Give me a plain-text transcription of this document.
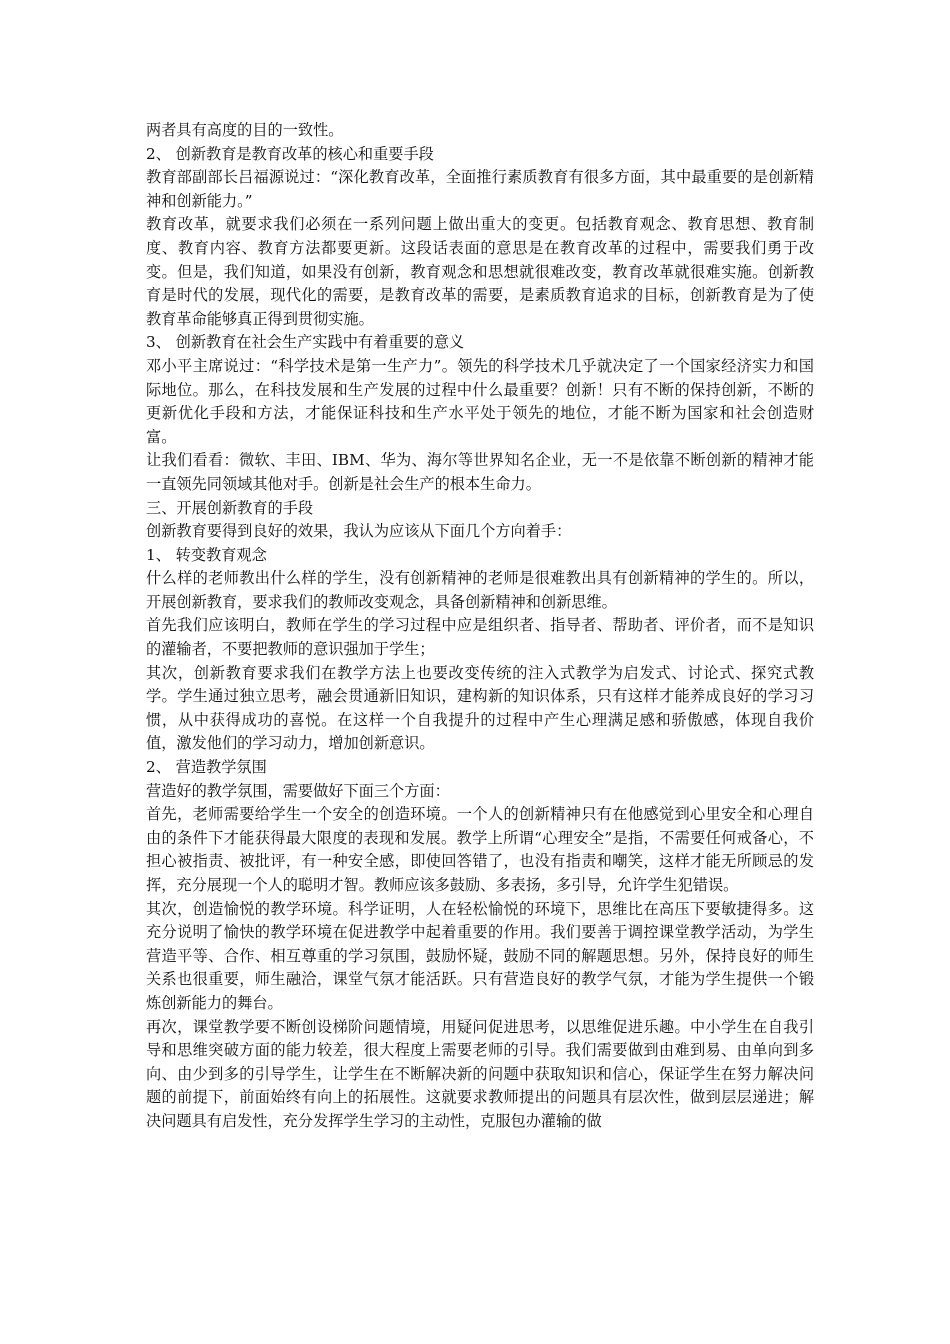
两者具有高度的目的一致性。

2、 创新教育是教育改革的核心和重要手段

教育部副部长吕福源说过：“深化教育改革，全面推行素质教育有很多方面，其中最重要的是创新精神和创新能力。”

教育改革，就要求我们必须在一系列问题上做出重大的变更。包括教育观念、教育思想、教育制度、教育内容、教育方法都要更新。这段话表面的意思是在教育改革的过程中，需要我们勇于改变。但是，我们知道，如果没有创新，教育观念和思想就很难改变，教育改革就很难实施。创新教育是时代的发展，现代化的需要，是教育改革的需要，是素质教育追求的目标，创新教育是为了使教育革命能够真正得到贯彻实施。

3、 创新教育在社会生产实践中有着重要的意义

邓小平主席说过：“科学技术是第一生产力”。领先的科学技术几乎就决定了一个国家经济实力和国际地位。那么，在科技发展和生产发展的过程中什么最重要？创新！只有不断的保持创新，不断的更新优化手段和方法，才能保证科技和生产水平处于领先的地位，才能不断为国家和社会创造财富。

让我们看看：微软、丰田、IBM、华为、海尔等世界知名企业，无一不是依靠不断创新的精神才能一直领先同领域其他对手。创新是社会生产的根本生命力。

三、开展创新教育的手段

创新教育要得到良好的效果，我认为应该从下面几个方向着手：

1、 转变教育观念

什么样的老师教出什么样的学生，没有创新精神的老师是很难教出具有创新精神的学生的。所以，开展创新教育，要求我们的教师改变观念，具备创新精神和创新思维。

首先我们应该明白，教师在学生的学习过程中应是组织者、指导者、帮助者、评价者，而不是知识的灌输者，不要把教师的意识强加于学生；

其次，创新教育要求我们在教学方法上也要改变传统的注入式教学为启发式、讨论式、探究式教学。学生通过独立思考，融会贯通新旧知识，建构新的知识体系，只有这样才能养成良好的学习习惯，从中获得成功的喜悦。在这样一个自我提升的过程中产生心理满足感和骄傲感，体现自我价值，激发他们的学习动力，增加创新意识。

2、 营造教学氛围

营造好的教学氛围，需要做好下面三个方面：

首先，老师需要给学生一个安全的创造环境。一个人的创新精神只有在他感觉到心里安全和心理自由的条件下才能获得最大限度的表现和发展。教学上所谓“心理安全”是指，不需要任何戒备心，不担心被指责、被批评，有一种安全感，即使回答错了，也没有指责和嘲笑，这样才能无所顾忌的发挥，充分展现一个人的聪明才智。教师应该多鼓励、多表扬，多引导，允许学生犯错误。

其次，创造愉悦的教学环境。科学证明，人在轻松愉悦的环境下，思维比在高压下要敏捷得多。这充分说明了愉快的教学环境在促进教学中起着重要的作用。我们要善于调控课堂教学活动，为学生营造平等、合作、相互尊重的学习氛围，鼓励怀疑，鼓励不同的解题思想。另外，保持良好的师生关系也很重要，师生融洽，课堂气氛才能活跃。只有营造良好的教学气氛，才能为学生提供一个锻炼创新能力的舞台。

再次，课堂教学要不断创设梯阶问题情境，用疑问促进思考，以思维促进乐趣。中小学生在自我引导和思维突破方面的能力较差，很大程度上需要老师的引导。我们需要做到由难到易、由单向到多向、由少到多的引导学生，让学生在不断解决新的问题中获取知识和信心，保证学生在努力解决问题的前提下，前面始终有向上的拓展性。这就要求教师提出的问题具有层次性，做到层层递进；解决问题具有启发性，充分发挥学生学习的主动性，克服包办灌输的做
